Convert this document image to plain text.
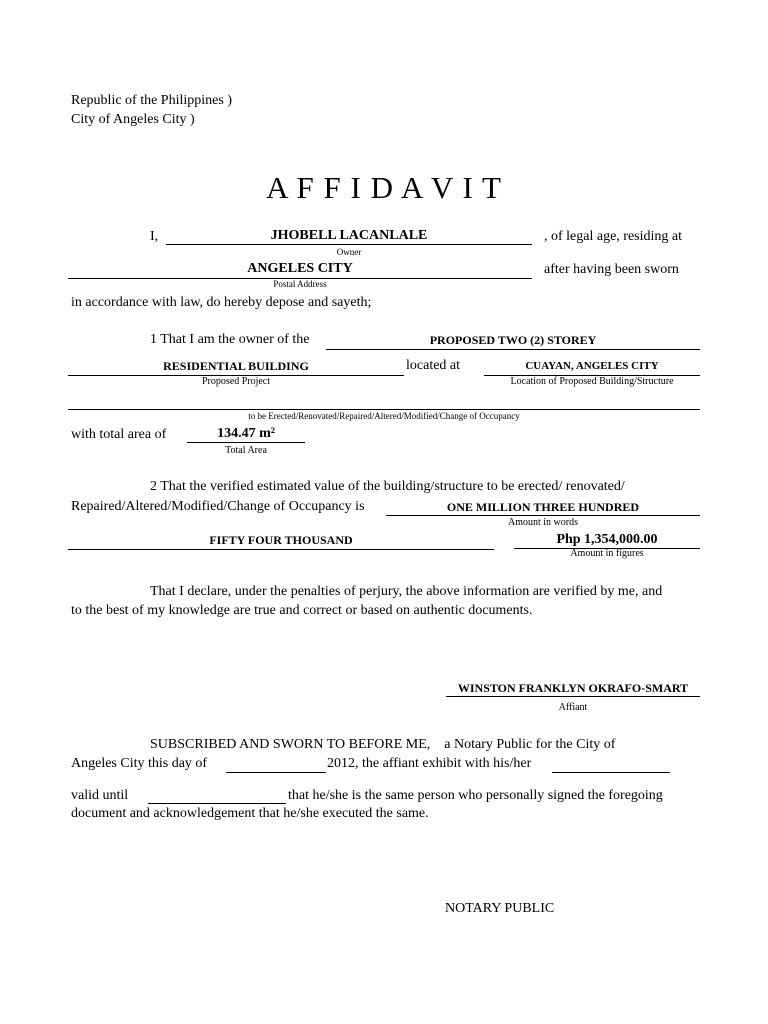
Republic of the Philippines )
City of Angeles City )
A F F I D A V I T
I,	JHOBELL LACANLALE
Owner
, of legal age, residing at
ANGELES CITY
Postal Address
after having been sworn
in accordance with law, do hereby depose and sayeth;
1 That I am the owner of the	PROPOSED TWO (2) STOREY
RESIDENTIAL BUILDING
Proposed Project
located at	CUAYAN, ANGELES CITY
Location of Proposed Building/Structure
to be Erected/Renovated/Repaired/Altered/Modified/Change of Occupancy
with total area of	134.47 m²
Total Area
2 That the verified estimated value of the building/structure to be erected/ renovated/
Repaired/Altered/Modified/Change of Occupancy is	ONE MILLION THREE HUNDRED
Amount in words
FIFTY FOUR THOUSAND	Php 1,354,000.00
Amount in figures
That I declare, under the penalties of perjury, the above information are verified by me, and
to the best of my knowledge are true and correct or based on authentic documents.
WINSTON FRANKLYN OKRAFO-SMART
Affiant
SUBSCRIBED AND SWORN TO BEFORE ME,    a Notary Public for the City of
Angeles City this day of	2012, the affiant exhibit with his/her
valid until	that he/she is the same person who personally signed the foregoing
document and acknowledgement that he/she executed the same.
NOTARY PUBLIC
